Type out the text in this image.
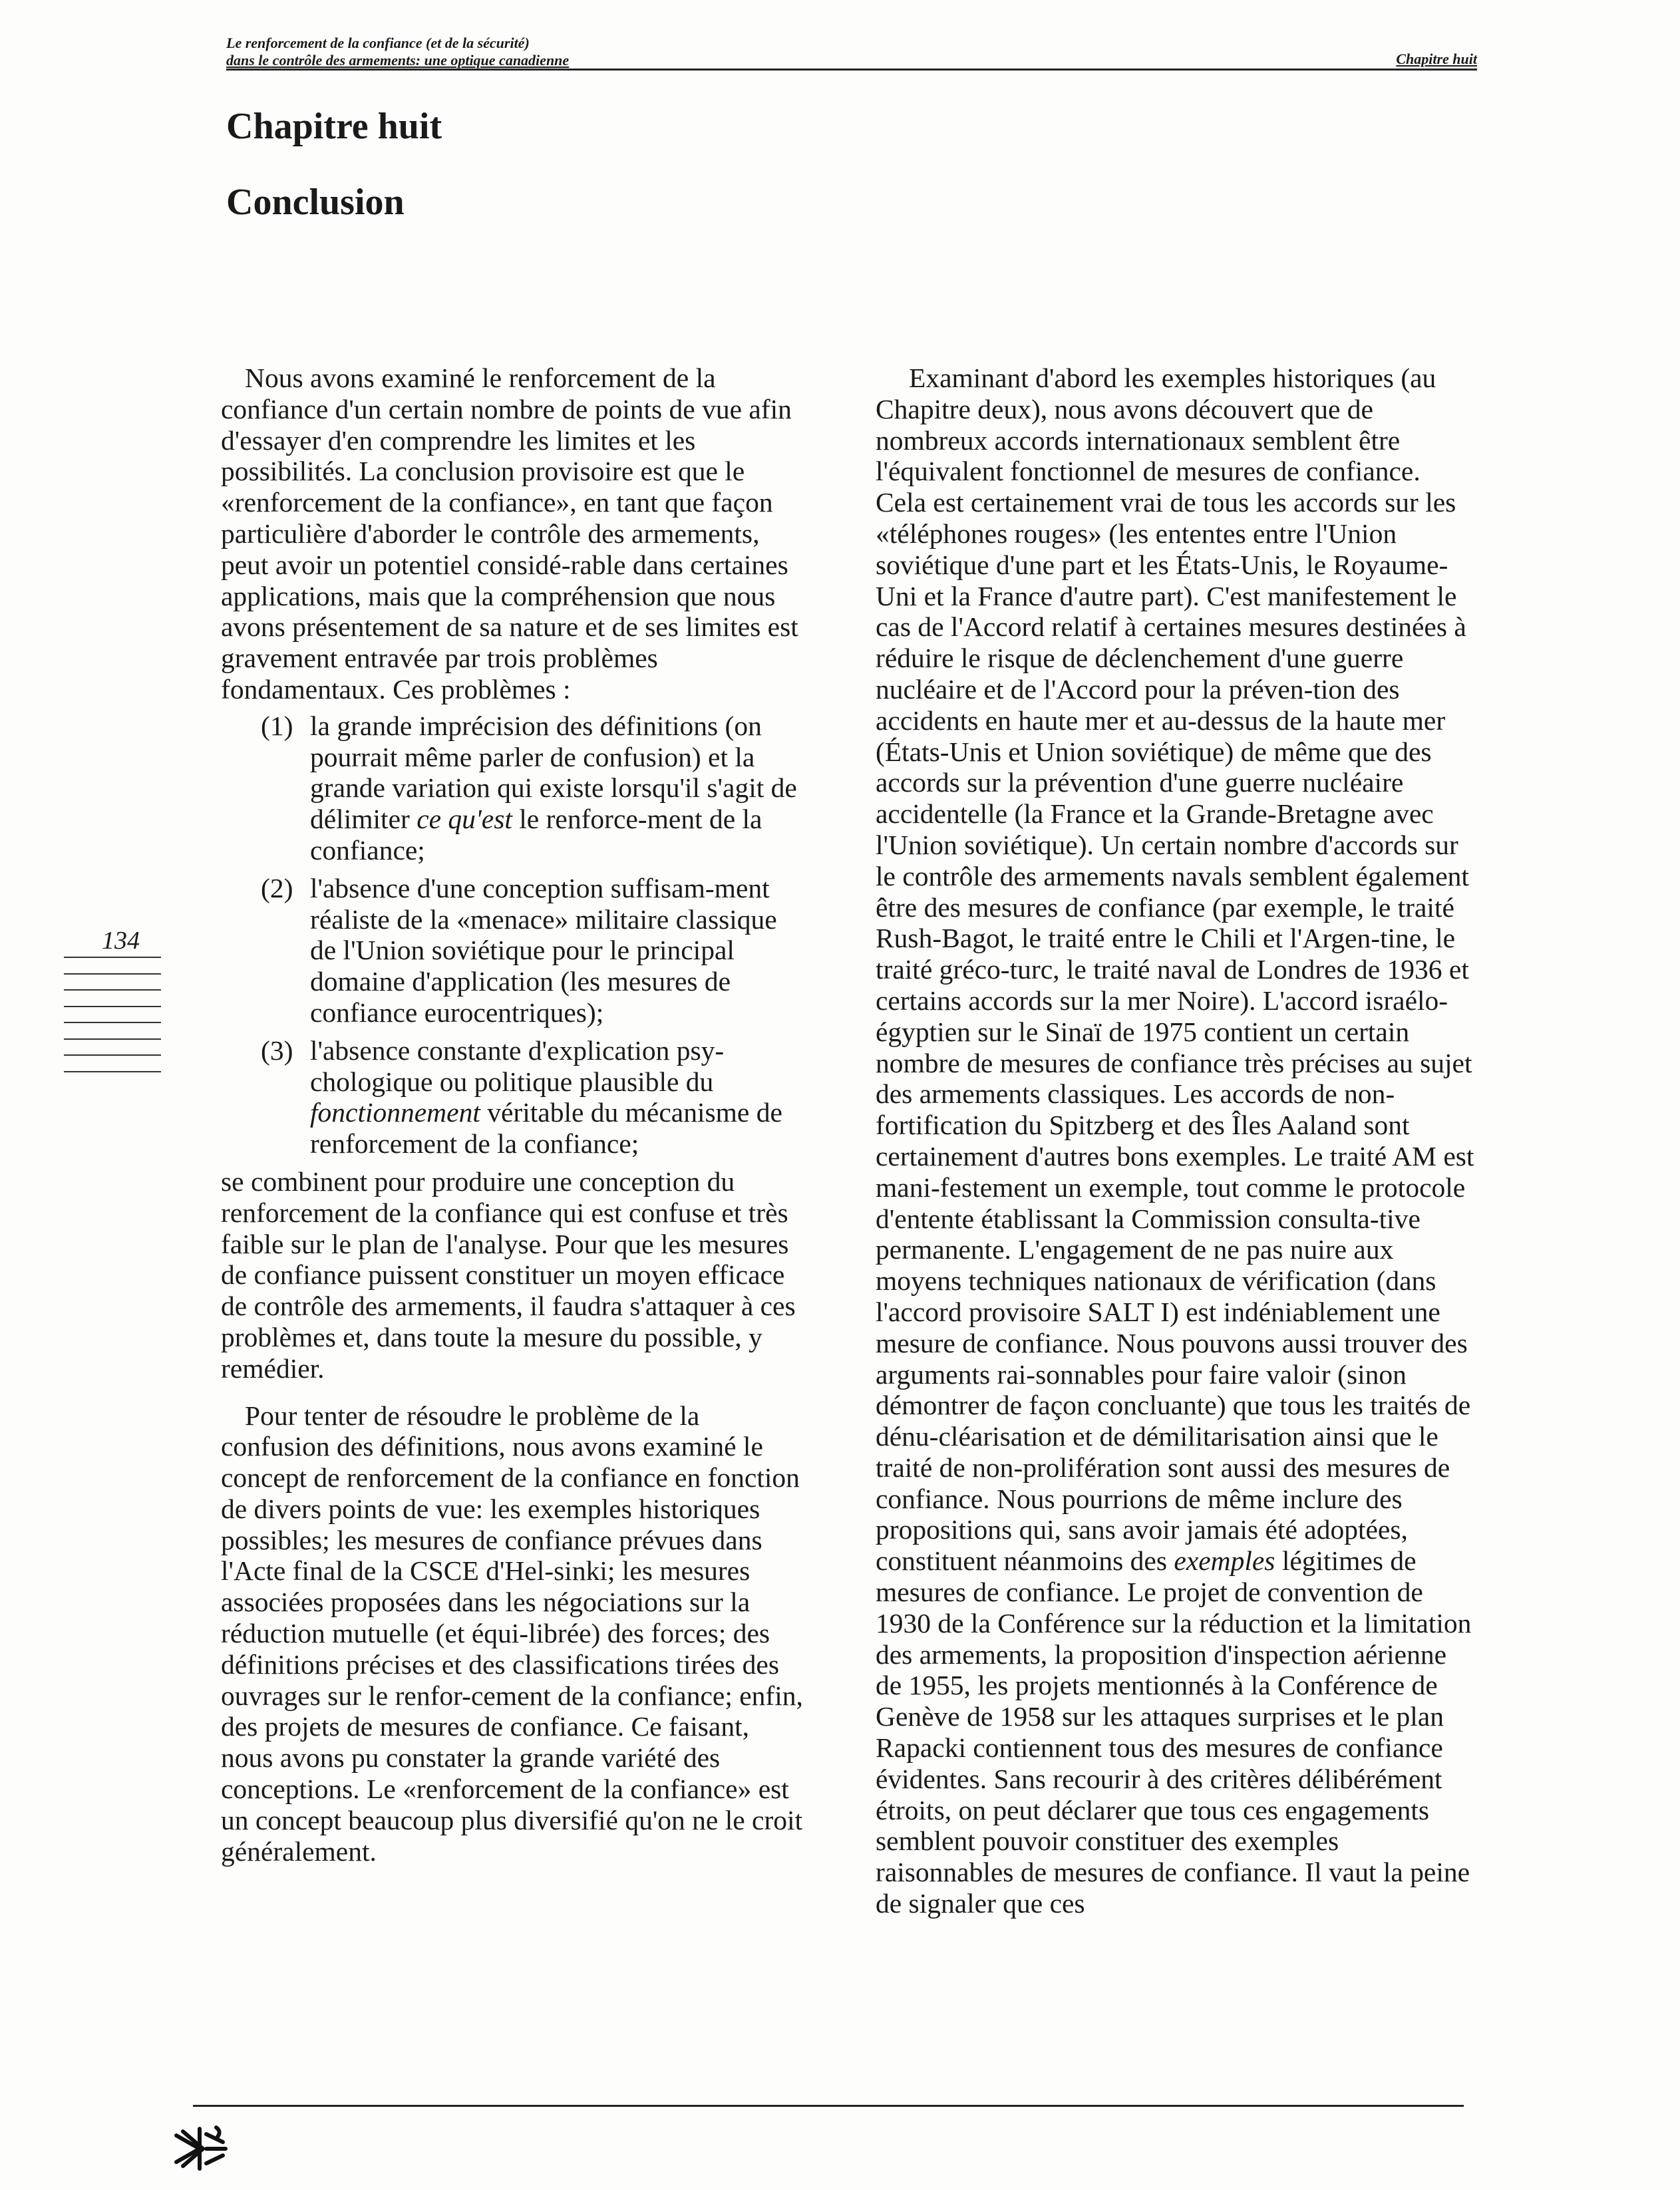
Le renforcement de la confiance (et de la sécurité)
dans le contrôle des armements: une optique canadienne	Chapitre huit
Chapitre huit
Conclusion
134

Nous avons examiné le renforcement de la confiance d'un certain nombre de points de vue afin d'essayer d'en comprendre les limites et les possibilités. La conclusion provisoire est que le «renforcement de la confiance», en tant que façon particulière d'aborder le contrôle des armements, peut avoir un potentiel considé-rable dans certaines applications, mais que la compréhension que nous avons présentement de sa nature et de ses limites est gravement entravée par trois problèmes fondamentaux. Ces problèmes :

(1) la grande imprécision des définitions (on pourrait même parler de confusion) et la grande variation qui existe lorsqu'il s'agit de délimiter ce qu'est le renforce-ment de la confiance;
(2) l'absence d'une conception suffisam-ment réaliste de la «menace» militaire classique de l'Union soviétique pour le principal domaine d'application (les mesures de confiance eurocentriques);
(3) l'absence constante d'explication psy-chologique ou politique plausible du fonctionnement véritable du mécanisme de renforcement de la confiance;

se combinent pour produire une conception du renforcement de la confiance qui est confuse et très faible sur le plan de l'analyse. Pour que les mesures de confiance puissent constituer un moyen efficace de contrôle des armements, il faudra s'attaquer à ces problèmes et, dans toute la mesure du possible, y remédier.

Pour tenter de résoudre le problème de la confusion des définitions, nous avons examiné le concept de renforcement de la confiance en fonction de divers points de vue: les exemples historiques possibles; les mesures de confiance prévues dans l'Acte final de la CSCE d'Hel-sinki; les mesures associées proposées dans les négociations sur la réduction mutuelle (et équi-librée) des forces; des définitions précises et des classifications tirées des ouvrages sur le renfor-cement de la confiance; enfin, des projets de mesures de confiance. Ce faisant, nous avons pu constater la grande variété des conceptions. Le «renforcement de la confiance» est un concept beaucoup plus diversifié qu'on ne le croit généralement.

Examinant d'abord les exemples historiques (au Chapitre deux), nous avons découvert que de nombreux accords internationaux semblent être l'équivalent fonctionnel de mesures de confiance. Cela est certainement vrai de tous les accords sur les «téléphones rouges» (les ententes entre l'Union soviétique d'une part et les États-Unis, le Royaume-Uni et la France d'autre part). C'est manifestement le cas de l'Accord relatif à certaines mesures destinées à réduire le risque de déclenchement d'une guerre nucléaire et de l'Accord pour la préven-tion des accidents en haute mer et au-dessus de la haute mer (États-Unis et Union soviétique) de même que des accords sur la prévention d'une guerre nucléaire accidentelle (la France et la Grande-Bretagne avec l'Union soviétique). Un certain nombre d'accords sur le contrôle des armements navals semblent également être des mesures de confiance (par exemple, le traité Rush-Bagot, le traité entre le Chili et l'Argen-tine, le traité gréco-turc, le traité naval de Londres de 1936 et certains accords sur la mer Noire). L'accord israélo-égyptien sur le Sinaï de 1975 contient un certain nombre de mesures de confiance très précises au sujet des armements classiques. Les accords de non-fortification du Spitzberg et des Îles Aaland sont certainement d'autres bons exemples. Le traité AM est mani-festement un exemple, tout comme le protocole d'entente établissant la Commission consulta-tive permanente. L'engagement de ne pas nuire aux moyens techniques nationaux de vérification (dans l'accord provisoire SALT I) est indéniablement une mesure de confiance. Nous pouvons aussi trouver des arguments rai-sonnables pour faire valoir (sinon démontrer de façon concluante) que tous les traités de dénu-cléarisation et de démilitarisation ainsi que le traité de non-prolifération sont aussi des mesures de confiance. Nous pourrions de même inclure des propositions qui, sans avoir jamais été adoptées, constituent néanmoins des exemples légitimes de mesures de confiance. Le projet de convention de 1930 de la Conférence sur la réduction et la limitation des armements, la proposition d'inspection aérienne de 1955, les projets mentionnés à la Conférence de Genève de 1958 sur les attaques surprises et le plan Rapacki contiennent tous des mesures de confiance évidentes. Sans recourir à des critères délibérément étroits, on peut déclarer que tous ces engagements semblent pouvoir constituer des exemples raisonnables de mesures de confiance. Il vaut la peine de signaler que ces
